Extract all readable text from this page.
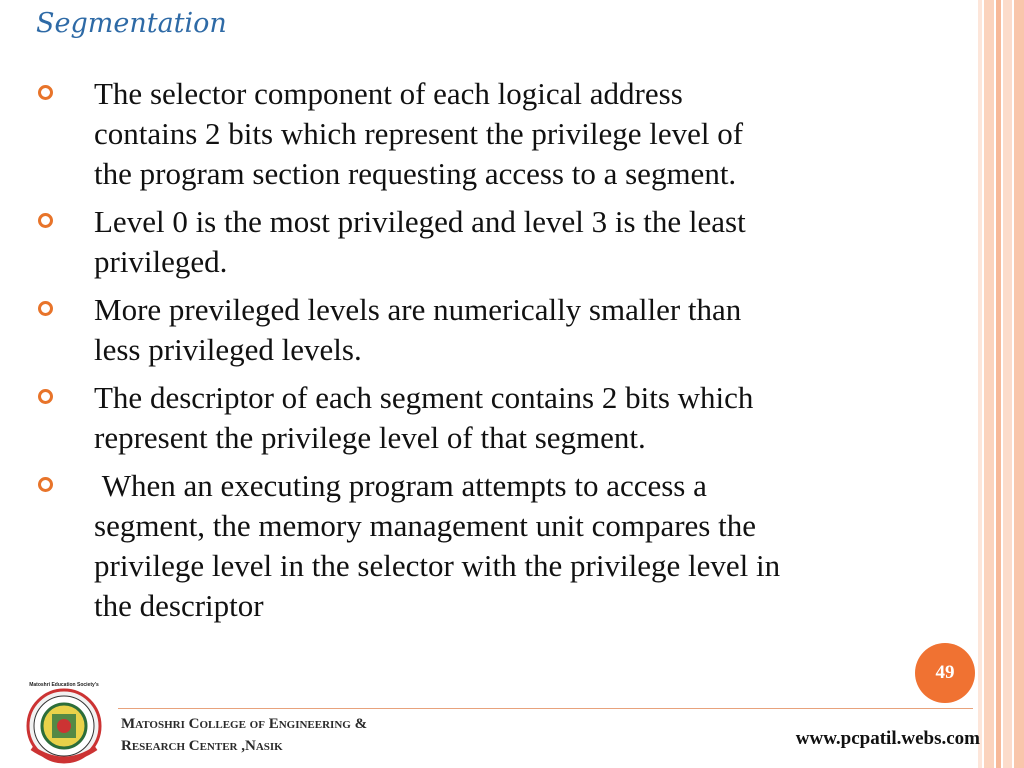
Segmentation
The selector component of each logical address
contains 2 bits which represent the privilege level of
the program section requesting access to a segment.
Level 0 is the most privileged and level 3 is the least
privileged.
More previleged levels are numerically smaller than
less privileged levels.
The descriptor of each segment contains 2 bits which
represent the privilege level of that segment.
When an executing program attempts to access a
segment, the memory management unit compares the
privilege level in the selector with the privilege level in
the descriptor
49
Matoshri Education Society's
Matoshri College of Engineering &
Research Center ,Nasik	www.pcpatil.webs.com
